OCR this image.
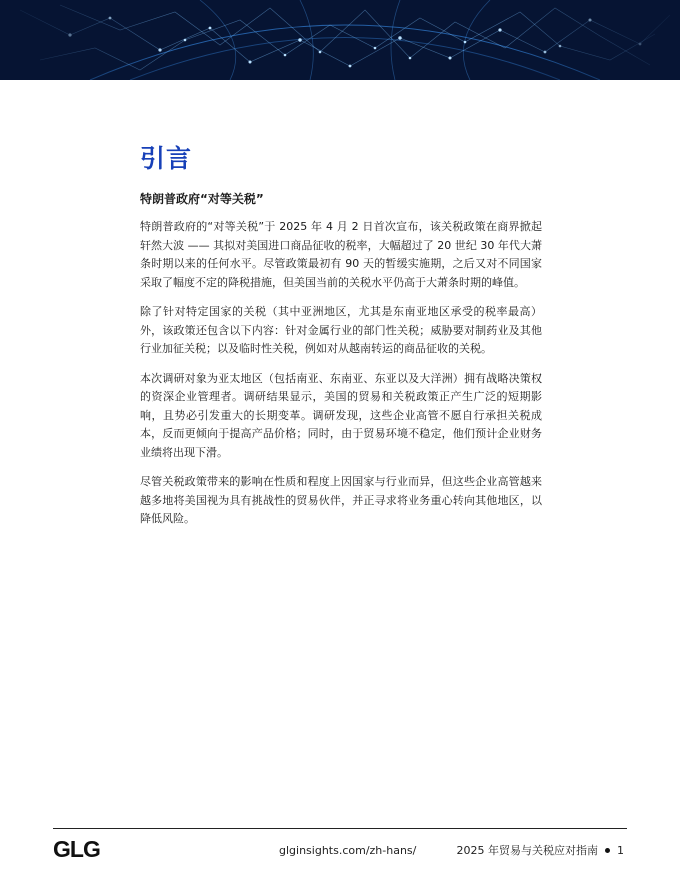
引言
特朗普政府“对等关税”

特朗普政府的“对等关税”于 2025 年 4 月 2 日首次宣布，该关税政策在商界掀起轩然大波 —— 其拟对美国进口商品征收的税率，大幅超过了 20 世纪 30 年代大萧条时期以来的任何水平。尽管政策最初有 90 天的暂缓实施期，之后又对不同国家采取了幅度不定的降税措施，但美国当前的关税水平仍高于大萧条时期的峰值。

除了针对特定国家的关税（其中亚洲地区，尤其是东南亚地区承受的税率最高）外，该政策还包含以下内容：针对金属行业的部门性关税；威胁要对制药业及其他行业加征关税；以及临时性关税，例如对从越南转运的商品征收的关税。

本次调研对象为亚太地区（包括南亚、东南亚、东亚以及大洋洲）拥有战略决策权的资深企业管理者。调研结果显示，美国的贸易和关税政策正产生广泛的短期影响，且势必引发重大的长期变革。调研发现，这些企业高管不愿自行承担关税成本，反而更倾向于提高产品价格；同时，由于贸易环境不稳定，他们预计企业财务业绩将出现下滑。

尽管关税政策带来的影响在性质和程度上因国家与行业而异，但这些企业高管越来越多地将美国视为具有挑战性的贸易伙伴，并正寻求将业务重心转向其他地区，以降低风险。

GLG	glginsights.com/zh-hans/	2025 年贸易与关税应对指南 1
